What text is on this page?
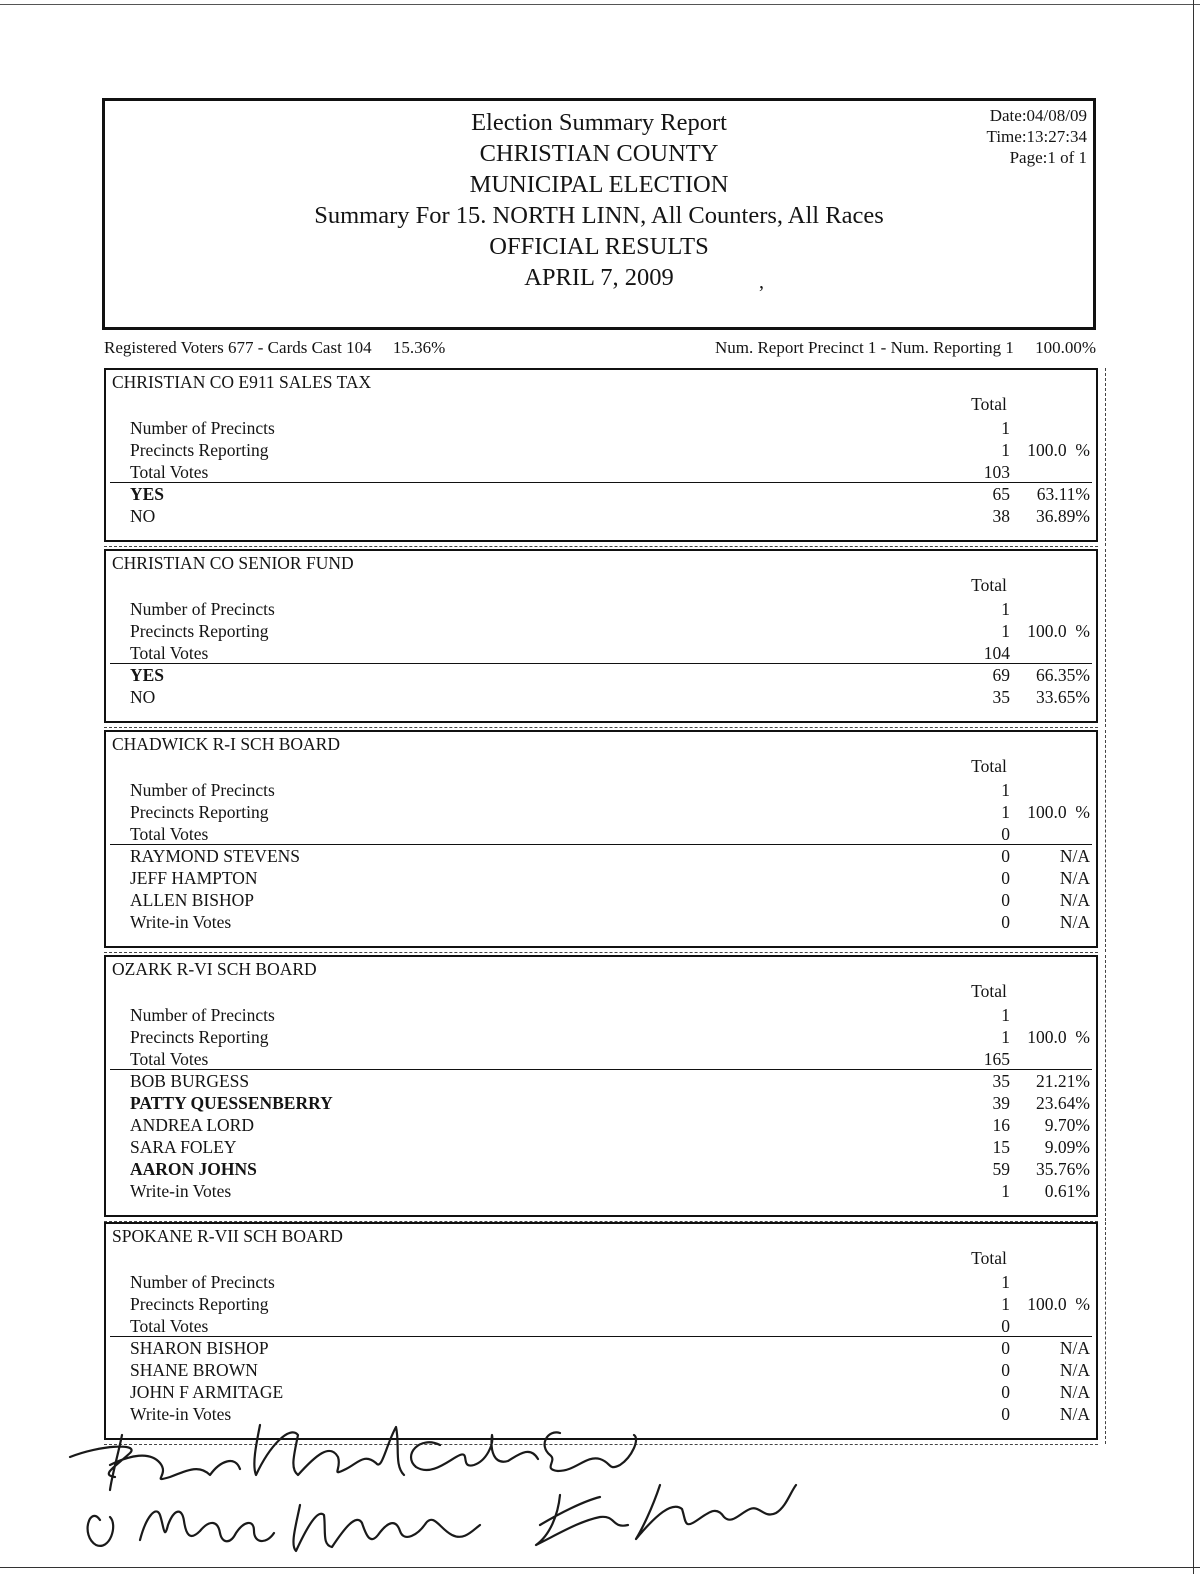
Election Summary Report
CHRISTIAN COUNTY
MUNICIPAL ELECTION
Summary For 15. NORTH LINN, All Counters, All Races
OFFICIAL RESULTS
APRIL 7, 2009	,
Date:04/08/09
Time:13:27:34
Page:1 of 1
Registered Voters 677 - Cards Cast 104     15.36%	Num. Report Precinct 1 - Num. Reporting 1     100.00%
CHRISTIAN CO E911 SALES TAX
Total
Number of Precincts	1
Precincts Reporting	1 100.0  %
Total Votes	103
YES	65 63.11%
NO	38 36.89%
CHRISTIAN CO SENIOR FUND
Total
Number of Precincts	1
Precincts Reporting	1 100.0  %
Total Votes	104
YES	69 66.35%
NO	35 33.65%
CHADWICK R-I SCH BOARD
Total
Number of Precincts	1
Precincts Reporting	1 100.0  %
Total Votes	0
RAYMOND STEVENS	0	N/A
JEFF HAMPTON	0	N/A
ALLEN BISHOP	0	N/A
Write-in Votes	0	N/A
OZARK R-VI SCH BOARD
Total
Number of Precincts	1
Precincts Reporting	1 100.0  %
Total Votes	165
BOB BURGESS	35 21.21%
PATTY QUESSENBERRY	39 23.64%
ANDREA LORD	16 9.70%
SARA FOLEY	15 9.09%
AARON JOHNS	59 35.76%
Write-in Votes	1 0.61%
SPOKANE R-VII SCH BOARD
Total
Number of Precincts	1
Precincts Reporting	1 100.0  %
Total Votes	0
SHARON BISHOP	0	N/A
SHANE BROWN	0	N/A
JOHN F ARMITAGE	0	N/A
Write-in Votes	0	N/A
